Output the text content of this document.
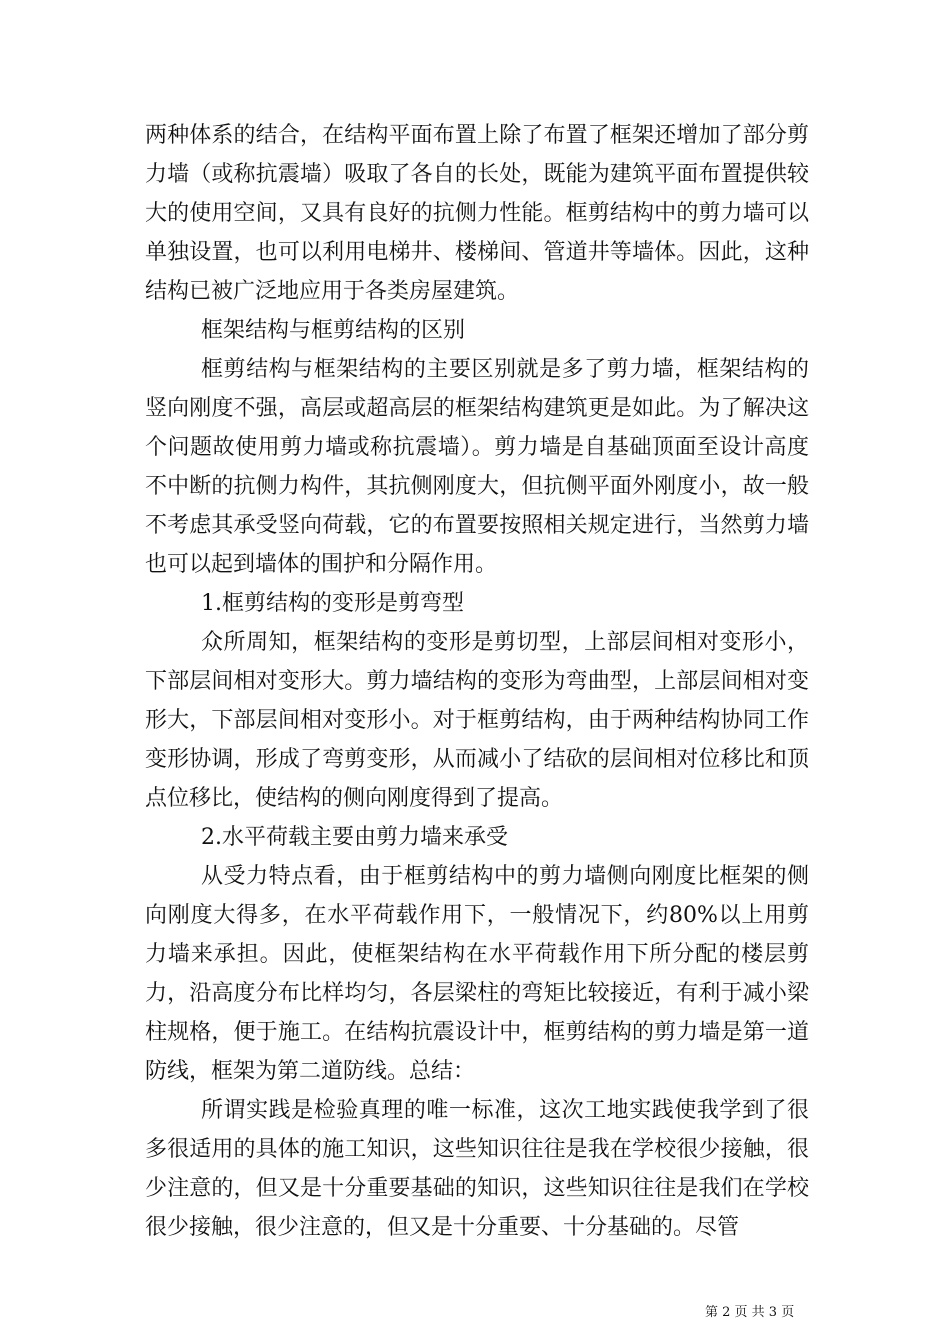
两种体系的结合，在结构平面布置上除了布置了框架还增加了部分剪力墙（或称抗震墙）吸取了各自的长处，既能为建筑平面布置提供较大的使用空间，又具有良好的抗侧力性能。框剪结构中的剪力墙可以单独设置，也可以利用电梯井、楼梯间、管道井等墙体。因此，这种结构已被广泛地应用于各类房屋建筑。

框架结构与框剪结构的区别

框剪结构与框架结构的主要区别就是多了剪力墙，框架结构的竖向刚度不强，高层或超高层的框架结构建筑更是如此。为了解决这个问题故使用剪力墙或称抗震墙）。剪力墙是自基础顶面至设计高度不中断的抗侧力构件，其抗侧刚度大，但抗侧平面外刚度小，故一般不考虑其承受竖向荷载，它的布置要按照相关规定进行，当然剪力墙也可以起到墙体的围护和分隔作用。

1.框剪结构的变形是剪弯型

众所周知，框架结构的变形是剪切型，上部层间相对变形小，下部层间相对变形大。剪力墙结构的变形为弯曲型，上部层间相对变形大，下部层间相对变形小。对于框剪结构，由于两种结构协同工作变形协调，形成了弯剪变形，从而减小了结砍的层间相对位移比和顶点位移比，使结构的侧向刚度得到了提高。

2.水平荷载主要由剪力墙来承受

从受力特点看，由于框剪结构中的剪力墙侧向刚度比框架的侧向刚度大得多，在水平荷载作用下，一般情况下，约80%以上用剪力墙来承担。因此，使框架结构在水平荷载作用下所分配的楼层剪力，沿高度分布比样均匀，各层梁柱的弯矩比较接近，有利于减小梁柱规格，便于施工。在结构抗震设计中，框剪结构的剪力墙是第一道防线，框架为第二道防线。总结：

所谓实践是检验真理的唯一标准，这次工地实践使我学到了很多很适用的具体的施工知识，这些知识往往是我在学校很少接触，很少注意的，但又是十分重要基础的知识，这些知识往往是我们在学校很少接触，很少注意的，但又是十分重要、十分基础的。尽管

第 2 页 共 3 页
